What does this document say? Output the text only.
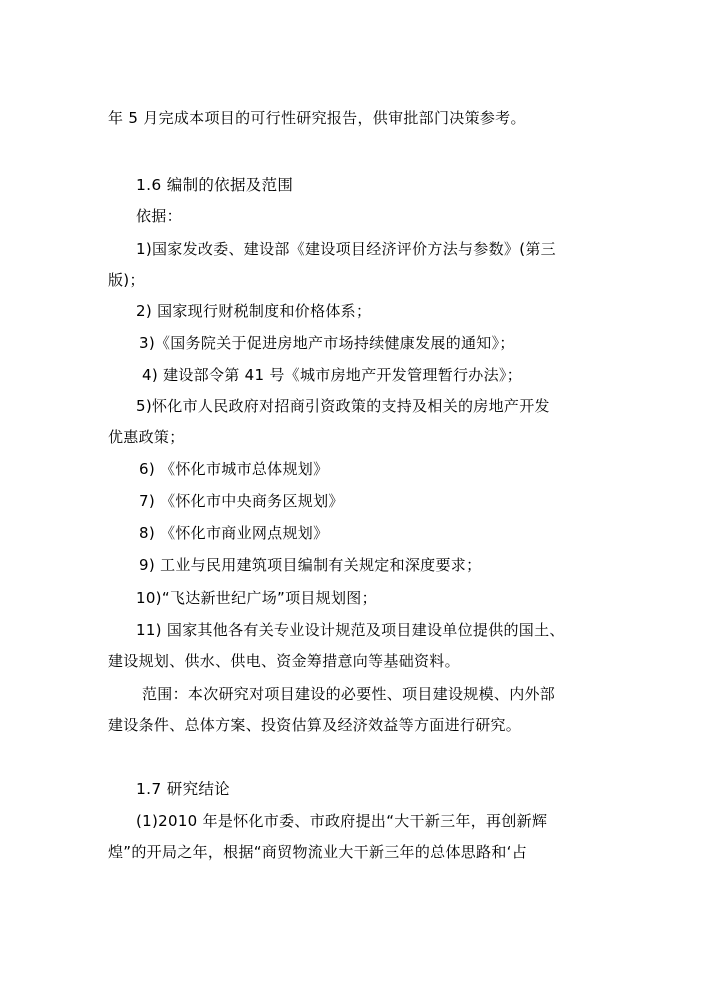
年 5 月完成本项目的可行性研究报告，供审批部门决策参考。
1.6 编制的依据及范围
依据：
1)国家发改委、建设部《建设项目经济评价方法与参数》(第三
版)；
2) 国家现行财税制度和价格体系；
3)《国务院关于促进房地产市场持续健康发展的通知》；
4) 建设部令第 41 号《城市房地产开发管理暂行办法》；
5)怀化市人民政府对招商引资政策的支持及相关的房地产开发
优惠政策；
6) 《怀化市城市总体规划》
7) 《怀化市中央商务区规划》
8) 《怀化市商业网点规划》
9) 工业与民用建筑项目编制有关规定和深度要求；
10)“飞达新世纪广场”项目规划图；
11) 国家其他各有关专业设计规范及项目建设单位提供的国土、
建设规划、供水、供电、资金筹措意向等基础资料。
范围：本次研究对项目建设的必要性、项目建设规模、内外部
建设条件、总体方案、投资估算及经济效益等方面进行研究。
1.7 研究结论
(1)2010 年是怀化市委、市政府提出“大干新三年，再创新辉
煌”的开局之年，根据“商贸物流业大干新三年的总体思路和‘占
